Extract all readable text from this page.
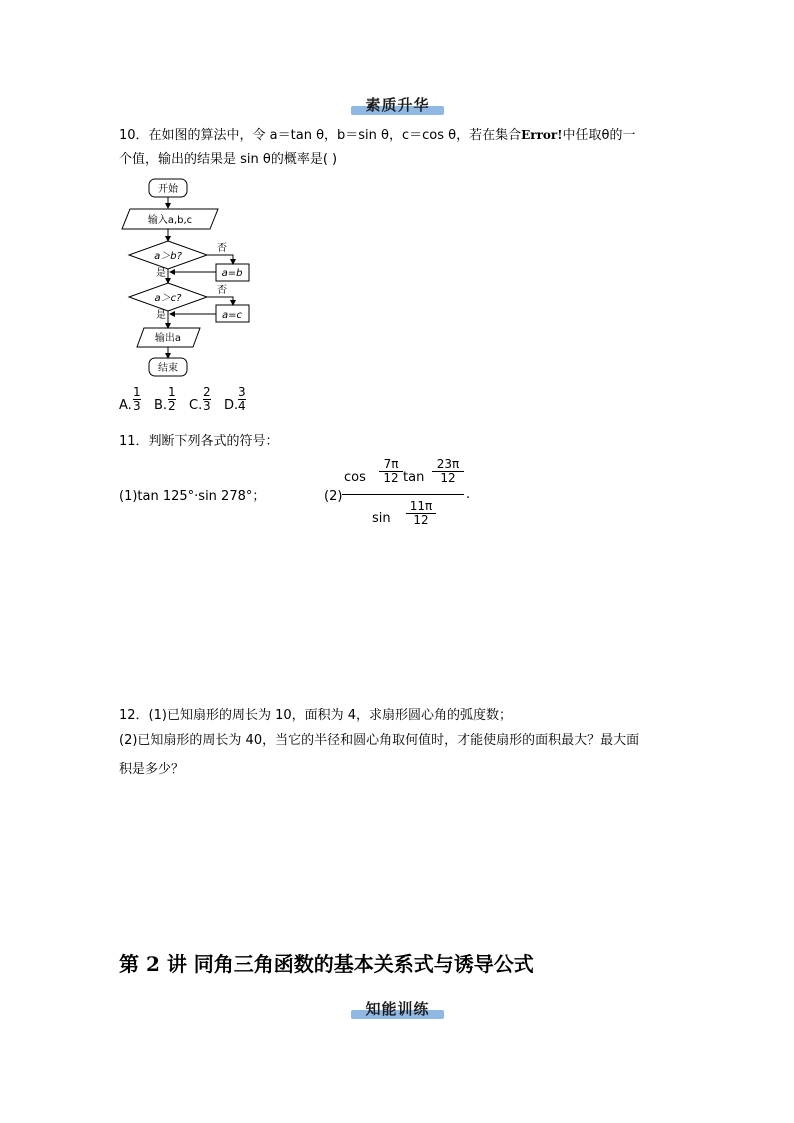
素质升华
10．在如图的算法中，令 a＝tan θ，b＝sin θ，c＝cos θ，若在集合Error!中任取θ的一
个值，输出的结果是 sin θ的概率是( )
开始
输入a,b,c
a＞b?
否
a=b
是
a＞c?
否
a=c
是
输出a
结束
A.
1
3 B.
1
2 C.
2
3 D.
3
4
11．判断下列各式的符号：
(1)tan 125°·sin 278°；	(2)
cos
7π
12 tan
23π
12
.
sin
11π
12
12．(1)已知扇形的周长为 10，面积为 4，求扇形圆心角的弧度数；
(2)已知扇形的周长为 40，当它的半径和圆心角取何值时，才能使扇形的面积最大？最大面
积是多少？
第 2 讲 同角三角函数的基本关系式与诱导公式
知能训练
